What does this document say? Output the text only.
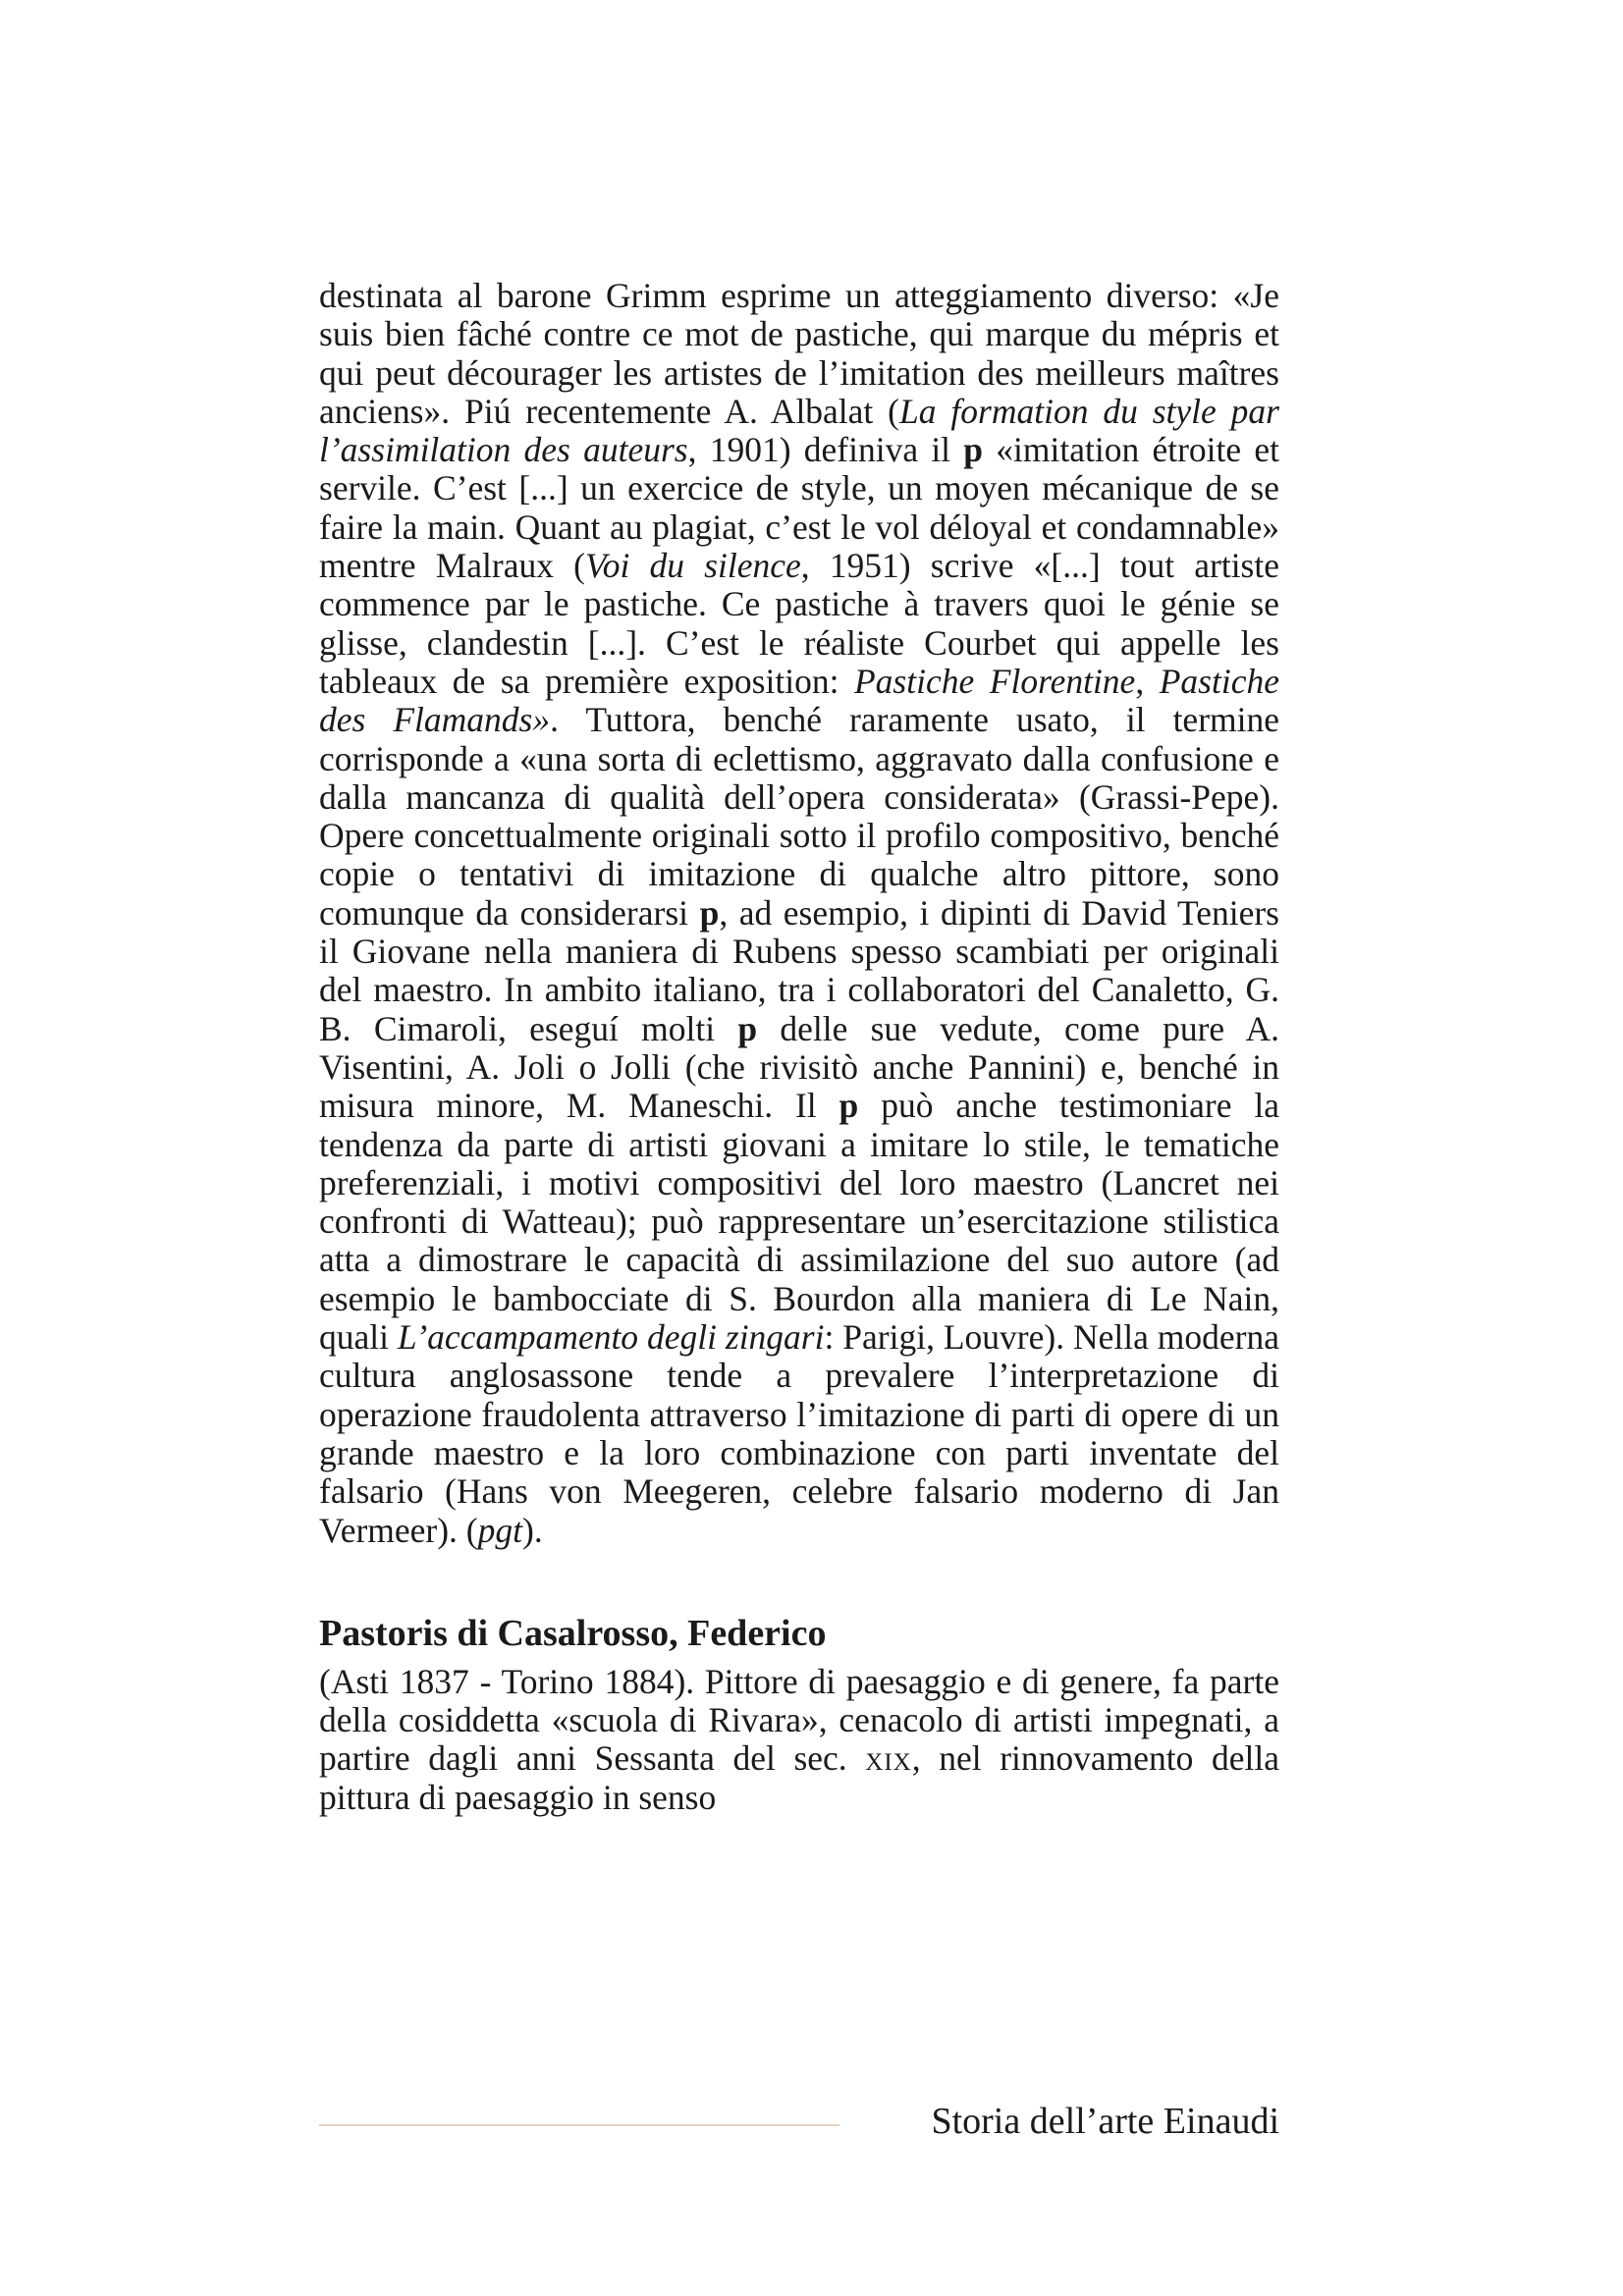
destinata al barone Grimm esprime un atteggiamento diverso: «Je suis bien fâché contre ce mot de pastiche, qui marque du mépris et qui peut décourager les artistes de l’imitation des meilleurs maîtres anciens». Piú recentemente A. Albalat (La formation du style par l’assimilation des auteurs, 1901) definiva il p «imitation étroite et servile. C’est [...] un exercice de style, un moyen mécanique de se faire la main. Quant au plagiat, c’est le vol déloyal et condamnable» mentre Malraux (Voi du silence, 1951) scrive «[...] tout artiste commence par le pastiche. Ce pastiche à travers quoi le génie se glisse, clandestin [...]. C’est le réaliste Courbet qui appelle les tableaux de sa première exposition: Pastiche Florentine, Pastiche des Flamands». Tuttora, benché raramente usato, il termine corrisponde a «una sorta di eclettismo, aggravato dalla confusione e dalla mancanza di qualità dell’opera considerata» (Grassi-Pepe). Opere concettualmente originali sotto il profilo compositivo, benché copie o tentativi di imitazione di qualche altro pittore, sono comunque da considerarsi p, ad esempio, i dipinti di David Teniers il Giovane nella maniera di Rubens spesso scambiati per originali del maestro. In ambito italiano, tra i collaboratori del Canaletto, G. B. Cimaroli, eseguí molti p delle sue vedute, come pure A. Visentini, A. Joli o Jolli (che rivisitò anche Pannini) e, benché in misura minore, M. Maneschi. Il p può anche testimoniare la tendenza da parte di artisti giovani a imitare lo stile, le tematiche preferenziali, i motivi compositivi del loro maestro (Lancret nei confronti di Watteau); può rappresentare un’esercitazione stilistica atta a dimostrare le capacità di assimilazione del suo autore (ad esempio le bambocciate di S. Bourdon alla maniera di Le Nain, quali L’accampamento degli zingari: Parigi, Louvre). Nella moderna cultura anglosassone tende a prevalere l’interpretazione di operazione fraudolenta attraverso l’imitazione di parti di opere di un grande maestro e la loro combinazione con parti inventate del falsario (Hans von Meegeren, celebre falsario moderno di Jan Vermeer). (pgt).

Pastoris di Casalrosso, Federico

(Asti 1837 - Torino 1884). Pittore di paesaggio e di genere, fa parte della cosiddetta «scuola di Rivara», cenacolo di artisti impegnati, a partire dagli anni Sessanta del sec. xix, nel rinnovamento della pittura di paesaggio in senso

Storia dell’arte Einaudi
